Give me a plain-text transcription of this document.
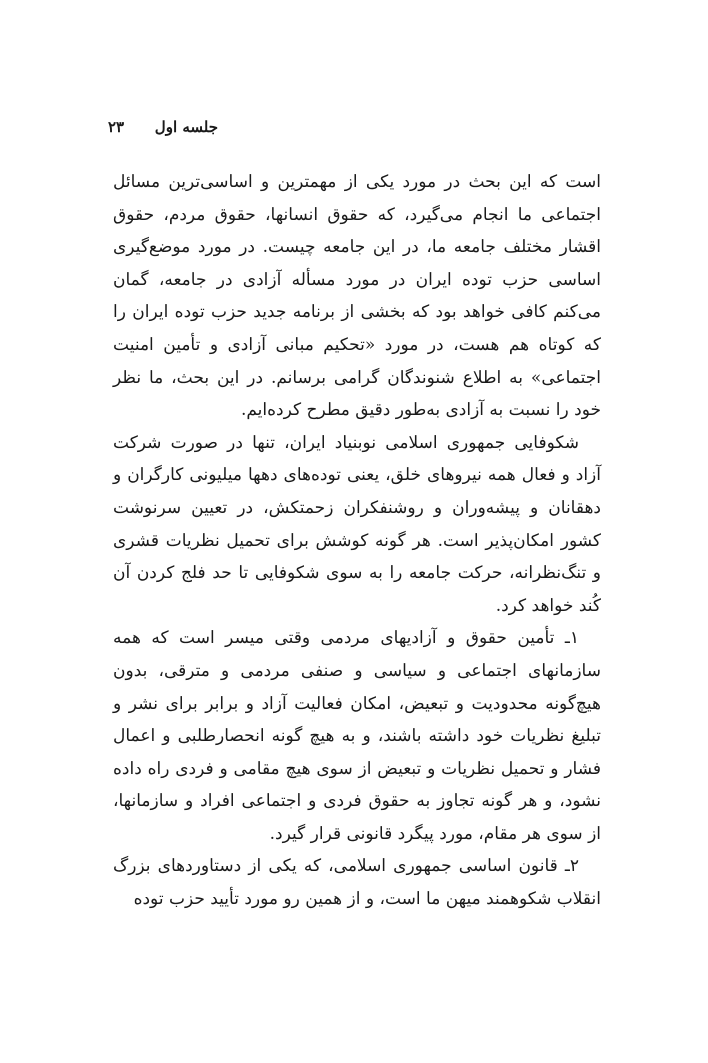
جلسه اول
۲۳

است که این بحث در مورد یکی از مهمترین و اساسی‌ترین مسائل اجتماعی ما انجام می‌گیرد، که حقوق انسانها، حقوق مردم، حقوق اقشار مختلف جامعه ما، در این جامعه چیست. در مورد موضع‌گیری اساسی حزب توده ایران در مورد مسأله آزادی در جامعه، گمان می‌کنم کافی خواهد بود که بخشی از برنامه جدید حزب توده ایران را که کوتاه هم هست، در مورد «تحکیم مبانی آزادی و تأمین امنیت اجتماعی» به اطلاع شنوندگان گرامی برسانم. در این بحث، ما نظر خود را نسبت به آزادی به‌طور دقیق مطرح کرده‌ایم.

شکوفایی جمهوری اسلامی نوبنیاد ایران، تنها در صورت شرکت آزاد و فعال همه نیروهای خلق، یعنی توده‌های دهها میلیونی کارگران و دهقانان و پیشه‌وران و روشنفکران زحمتکش، در تعیین سرنوشت کشور امکان‌پذیر است. هر گونه کوشش برای تحمیل نظریات قشری و تنگ‌نظرانه، حرکت جامعه را به سوی شکوفایی تا حد فلج کردن آن کُند خواهد کرد.

۱ـ تأمین حقوق و آزادیهای مردمی وقتی میسر است که همه سازمانهای اجتماعی و سیاسی و صنفی مردمی و مترقی، بدون هیچ‌گونه محدودیت و تبعیض، امکان فعالیت آزاد و برابر برای نشر و تبلیغ نظریات خود داشته باشند، و به هیچ گونه انحصارطلبی و اعمال فشار و تحمیل نظریات و تبعیض از سوی هیچ مقامی و فردی راه داده نشود، و هر گونه تجاوز به حقوق فردی و اجتماعی افراد و سازمانها، از سوی هر مقام، مورد پیگرد قانونی قرار گیرد.

۲ـ قانون اساسی جمهوری اسلامی، که یکی از دستاوردهای بزرگ انقلاب شکوهمند میهن ما است، و از همین رو مورد تأیید حزب توده
